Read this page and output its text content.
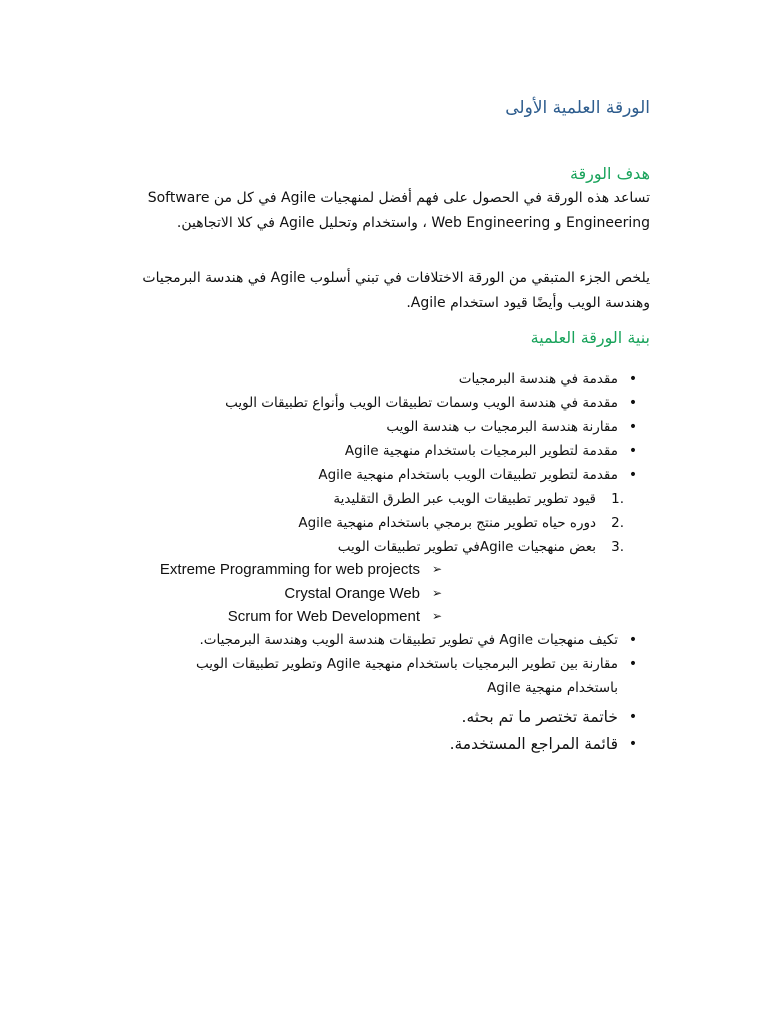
الورقة العلمية الأولى
هدف الورقة
تساعد هذه الورقة في الحصول على فهم أفضل لمنهجيات Agile في كل من Software Engineering و Web Engineering ، واستخدام وتحليل Agile في كلا الاتجاهين.
يلخص الجزء المتبقي من الورقة الاختلافات في تبني أسلوب Agile في هندسة البرمجيات وهندسة الويب وأيضًا قيود استخدام Agile.
بنية الورقة العلمية
•
مقدمة في هندسة البرمجيات
•
مقدمة في هندسة الويب وسمات تطبيقات الويب وأنواع تطبيقات الويب
•
مقارنة هندسة البرمجيات ب هندسة الويب
•
مقدمة لتطوير البرمجيات باستخدام منهجية Agile
•
مقدمة لتطوير تطبيقات الويب باستخدام منهجية Agile
1.
قيود تطوير تطبيقات الويب عبر الطرق التقليدية
2.
دوره حياه تطوير منتج برمجي باستخدام منهجية Agile
3.
بعض منهجيات Agileفي تطوير تطبيقات الويب
➢
Extreme Programming for web projects
➢
Crystal Orange Web
➢
Scrum for Web Development
•
تكيف منهجيات Agile في تطوير تطبيقات هندسة الويب وهندسة البرمجيات.
•
مقارنة بين تطوير البرمجيات باستخدام منهجية Agile وتطوير تطبيقات الويب باستخدام منهجية Agile
•
خاتمة تختصر ما تم بحثه.
•
قائمة المراجع المستخدمة.
